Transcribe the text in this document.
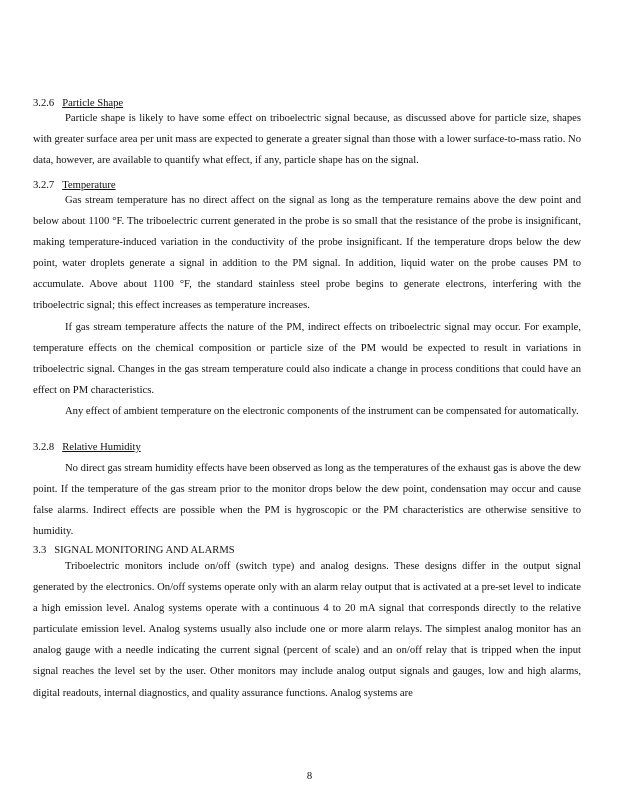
3.2.6 Particle Shape

Particle shape is likely to have some effect on triboelectric signal because, as discussed above for particle size, shapes with greater surface area per unit mass are expected to generate a greater signal than those with a lower surface-to-mass ratio. No data, however, are available to quantify what effect, if any, particle shape has on the signal.

3.2.7 Temperature

Gas stream temperature has no direct affect on the signal as long as the temperature remains above the dew point and below about 1100 °F. The triboelectric current generated in the probe is so small that the resistance of the probe is insignificant, making temperature-induced variation in the conductivity of the probe insignificant. If the temperature drops below the dew point, water droplets generate a signal in addition to the PM signal. In addition, liquid water on the probe causes PM to accumulate. Above about 1100 °F, the standard stainless steel probe begins to generate electrons, interfering with the triboelectric signal; this effect increases as temperature increases.

If gas stream temperature affects the nature of the PM, indirect effects on triboelectric signal may occur. For example, temperature effects on the chemical composition or particle size of the PM would be expected to result in variations in triboelectric signal. Changes in the gas stream temperature could also indicate a change in process conditions that could have an effect on PM characteristics.

Any effect of ambient temperature on the electronic components of the instrument can be compensated for automatically.

3.2.8 Relative Humidity

No direct gas stream humidity effects have been observed as long as the temperatures of the exhaust gas is above the dew point. If the temperature of the gas stream prior to the monitor drops below the dew point, condensation may occur and cause false alarms. Indirect effects are possible when the PM is hygroscopic or the PM characteristics are otherwise sensitive to humidity.

3.3 SIGNAL MONITORING AND ALARMS

Triboelectric monitors include on/off (switch type) and analog designs. These designs differ in the output signal generated by the electronics. On/off systems operate only with an alarm relay output that is activated at a pre-set level to indicate a high emission level. Analog systems operate with a continuous 4 to 20 mA signal that corresponds directly to the relative particulate emission level. Analog systems usually also include one or more alarm relays. The simplest analog monitor has an analog gauge with a needle indicating the current signal (percent of scale) and an on/off relay that is tripped when the input signal reaches the level set by the user. Other monitors may include analog output signals and gauges, low and high alarms, digital readouts, internal diagnostics, and quality assurance functions. Analog systems are

8
